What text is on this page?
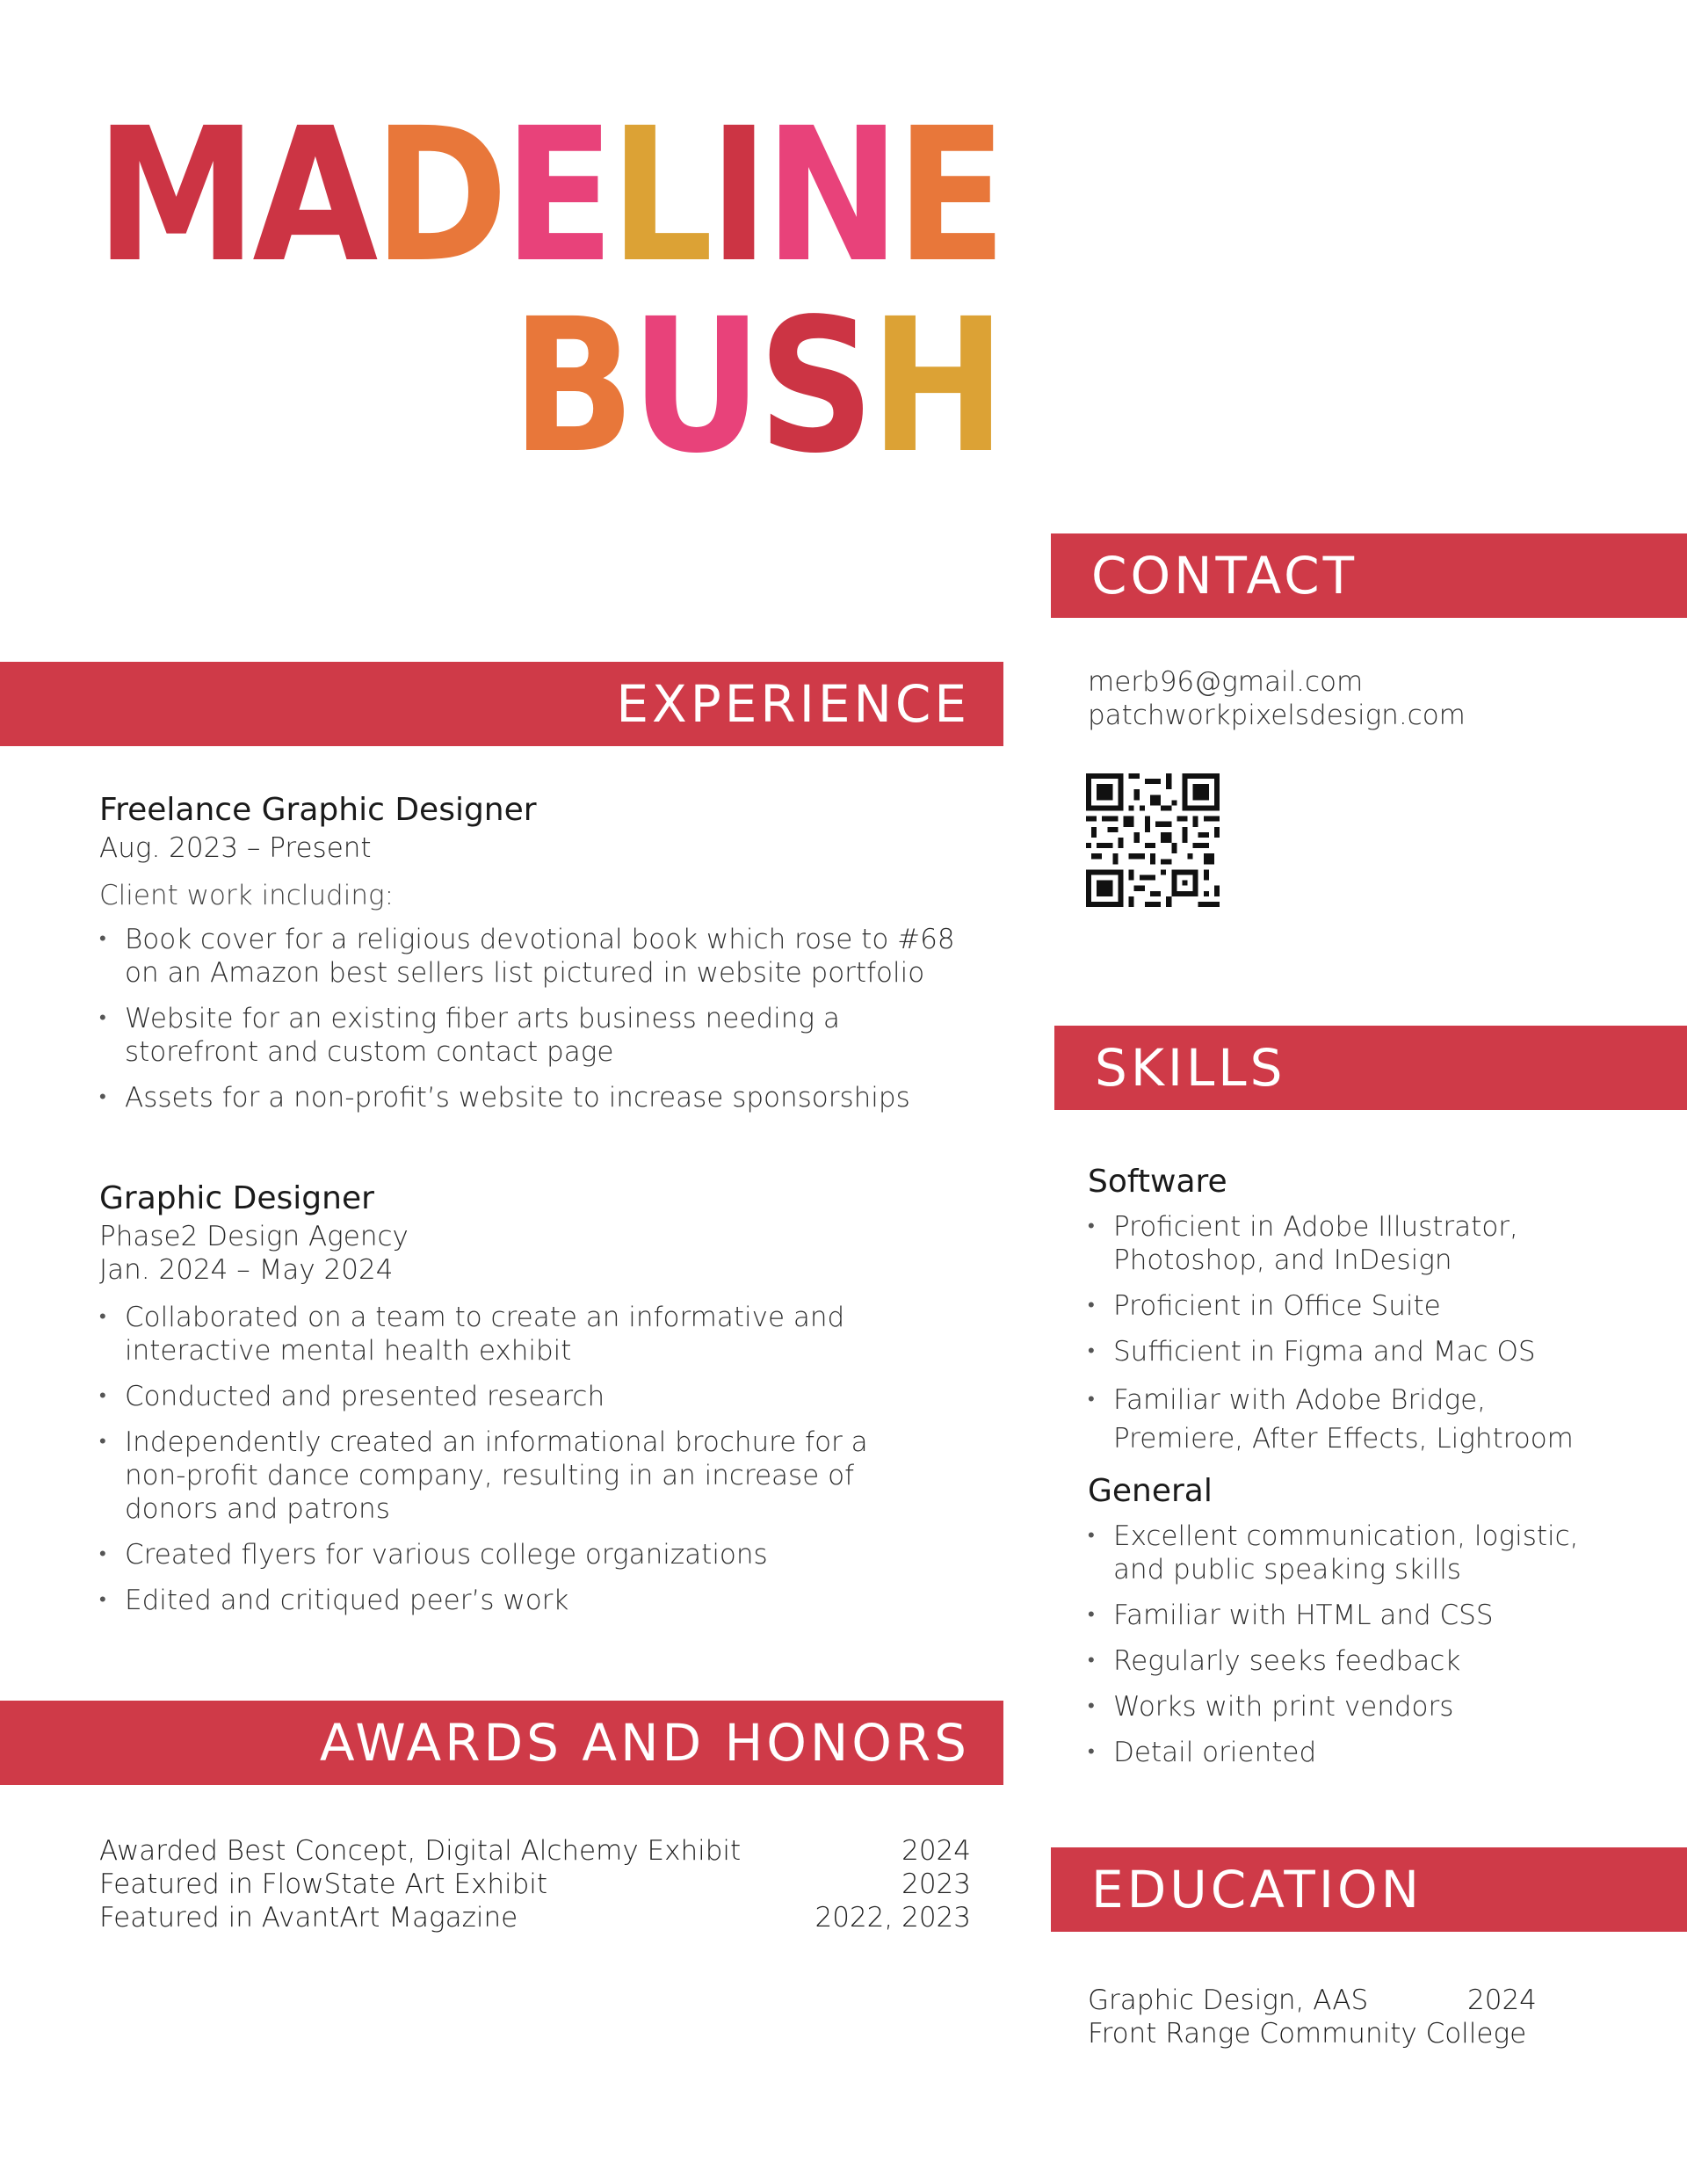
MADELINE
BUSH
CONTACT
merb96@gmail.com
patchworkpixelsdesign.com
EXPERIENCE
Freelance Graphic Designer
Aug. 2023 – Present
Client work including:
• Book cover for a religious devotional book which rose to #68 on an Amazon best sellers list pictured in website portfolio
• Website for an existing fiber arts business needing a storefront and custom contact page
• Assets for a non-profit’s website to increase sponsorships
Graphic Designer
Phase2 Design Agency
Jan. 2024 – May 2024
• Collaborated on a team to create an informative and interactive mental health exhibit
• Conducted and presented research
• Independently created an informational brochure for a non-profit dance company, resulting in an increase of donors and patrons
• Created flyers for various college organizations
• Edited and critiqued peer’s work
AWARDS AND HONORS
Awarded Best Concept, Digital Alchemy Exhibit	2024
Featured in FlowState Art Exhibit	2023
Featured in AvantArt Magazine	2022, 2023
SKILLS
Software
• Proficient in Adobe Illustrator, Photoshop, and InDesign
• Proficient in Office Suite
• Sufficient in Figma and Mac OS
• Familiar with Adobe Bridge, Premiere, After Effects, Lightroom
General
• Excellent communication, logistic, and public speaking skills
• Familiar with HTML and CSS
• Regularly seeks feedback
• Works with print vendors
• Detail oriented
EDUCATION
Graphic Design, AAS	2024
Front Range Community College
